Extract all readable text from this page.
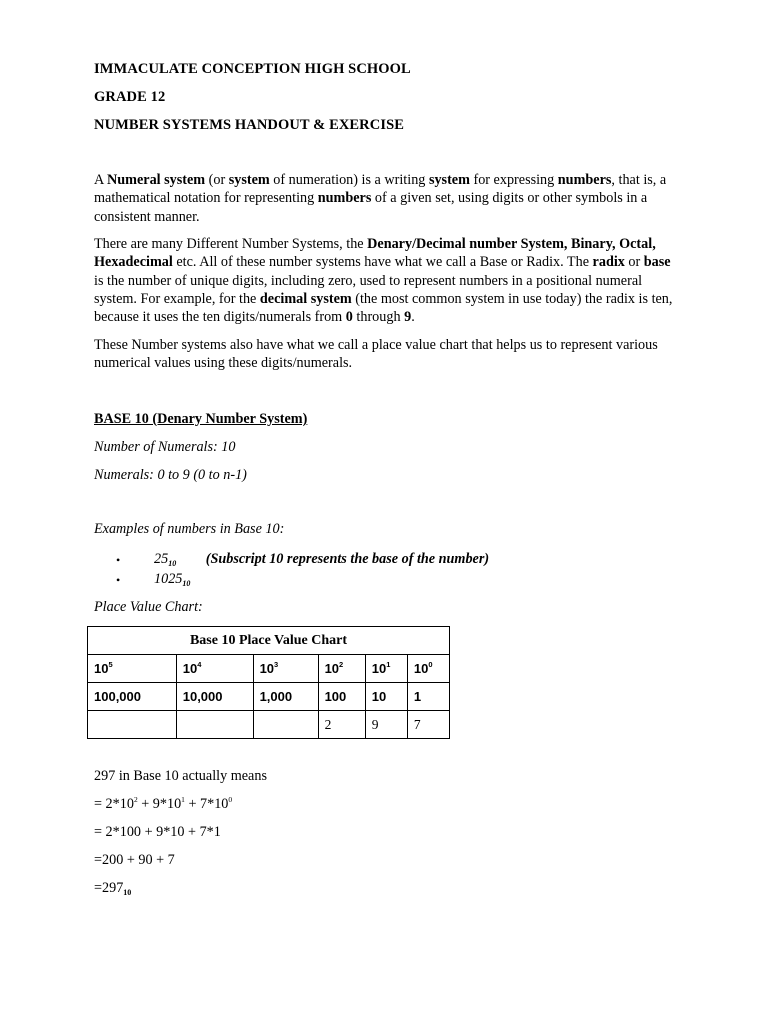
IMMACULATE CONCEPTION HIGH SCHOOL

GRADE 12

NUMBER SYSTEMS HANDOUT & EXERCISE

A Numeral system (or system of numeration) is a writing system for expressing numbers, that is, a mathematical notation for representing numbers of a given set, using digits or other symbols in a consistent manner.

There are many Different Number Systems, the Denary/Decimal number System, Binary, Octal, Hexadecimal etc. All of these number systems have what we call a Base or Radix. The radix or base is the number of unique digits, including zero, used to represent numbers in a positional numeral system. For example, for the decimal system (the most common system in use today) the radix is ten, because it uses the ten digits/numerals from 0 through 9.

These Number systems also have what we call a place value chart that helps us to represent various numerical values using these digits/numerals.

BASE 10 (Denary Number System)

Number of Numerals: 10

Numerals: 0 to 9 (0 to n-1)

Examples of numbers in Base 10:

• $25_{10}$ (Subscript 10 represents the base of the number)
• $1025_{10}$

Place Value Chart:

Base 10 Place Value Chart					
$10^5$	$10^4$	$10^3$	$10^2$	$10^1$	$10^0$
100,000	10,000	1,000	100	10	1
			2	9	7

297 in Base 10 actually means

= $2*10^2 + 9*10^1 + 7*10^0$

= 2*100 + 9*10 + 7*1

=200 + 90 + 7

$=297_{10}$
